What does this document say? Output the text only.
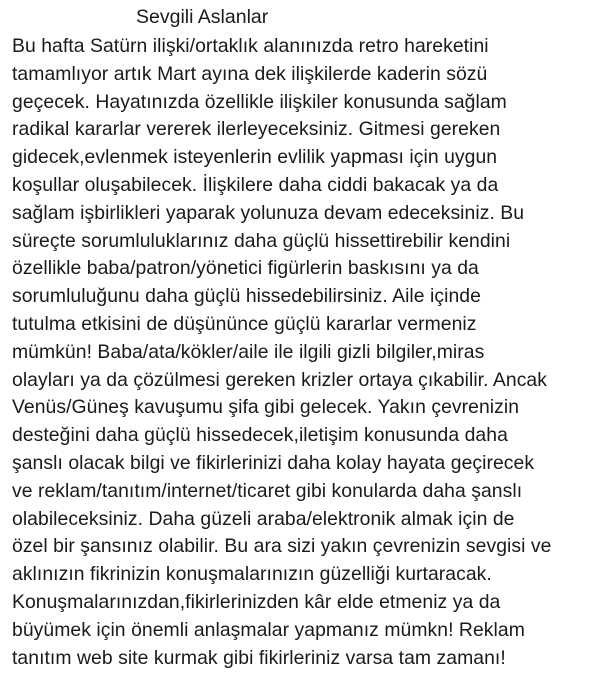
Sevgili Aslanlar
Bu hafta Satürn ilişki/ortaklık alanınızda retro hareketini
tamamlıyor artık Mart ayına dek ilişkilerde kaderin sözü
geçecek. Hayatınızda özellikle ilişkiler konusunda sağlam
radikal kararlar vererek ilerleyeceksiniz. Gitmesi gereken
gidecek,evlenmek isteyenlerin evlilik yapması için uygun
koşullar oluşabilecek. İlişkilere daha ciddi bakacak ya da
sağlam işbirlikleri yaparak yolunuza devam edeceksiniz. Bu
süreçte sorumluluklarınız daha güçlü hissettirebilir kendini
özellikle baba/patron/yönetici figürlerin baskısını ya da
sorumluluğunu daha güçlü hissedebilirsiniz. Aile içinde
tutulma etkisini de düşününce güçlü kararlar vermeniz
mümkün! Baba/ata/kökler/aile ile ilgili gizli bilgiler,miras
olayları ya da çözülmesi gereken krizler ortaya çıkabilir. Ancak
Venüs/Güneş kavuşumu şifa gibi gelecek. Yakın çevrenizin
desteğini daha güçlü hissedecek,iletişim konusunda daha
şanslı olacak bilgi ve fikirlerinizi daha kolay hayata geçirecek
ve reklam/tanıtım/internet/ticaret gibi konularda daha şanslı
olabileceksiniz. Daha güzeli araba/elektronik almak için de
özel bir şansınız olabilir. Bu ara sizi yakın çevrenizin sevgisi ve
aklınızın fikrinizin konuşmalarınızın güzelliği kurtaracak.
Konuşmalarınızdan,fikirlerinizden kâr elde etmeniz ya da
büyümek için önemli anlaşmalar yapmanız mümkn! Reklam
tanıtım web site kurmak gibi fikirleriniz varsa tam zamanı!
